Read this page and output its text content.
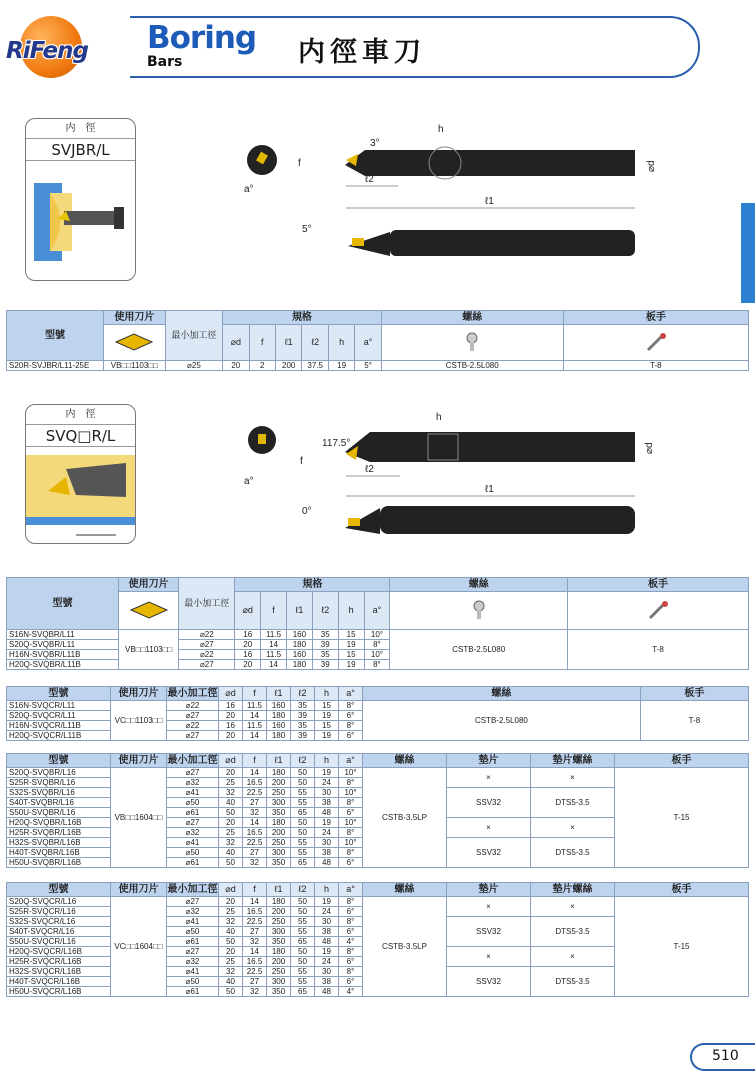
RiFeng Boring
Bars	内徑車刀
内　徑
SVJBR/L	3°
h
f
a°
ℓ2
ℓ1
⌀d
5°
型號	使用刀片	最小加工徑	規格						螺絲	板手
	⌀d	f	ℓ1	ℓ2	h	a°		
S20R-SVJBR/L11-25E	VB□□1103□□	⌀25	20	2	200	37.5	19	5°	CSTB-2.5L080	T-8
内　徑
SVQ□R/L	117.5°
h
f
a°
ℓ2
ℓ1
⌀d
0°
型號	使用刀片	最小加工徑	規格						螺絲	板手
	⌀d	f	ℓ1	ℓ2	h	a°		
S16N-SVQBR/L11	VB□□1103□□	⌀22	16	11.5	160	35	15	10°	CSTB-2.5L080	T-8
S20Q-SVQBR/L11		⌀27	20	14	180	39	19	8°		
H16N-SVQBR/L11B		⌀22	16	11.5	160	35	15	10°		
H20Q-SVQBR/L11B		⌀27	20	14	180	39	19	8°		
型號	使用刀片	最小加工徑	⌀d	f	ℓ1	ℓ2	h	a°	螺絲	板手
S16N-SVQCR/L11	VC□□1103□□	⌀22	16	11.5	160	35	15	8°	CSTB-2.5L080	T-8
S20Q-SVQCR/L11		⌀27	20	14	180	39	19	6°		
H16N-SVQCR/L11B		⌀22	16	11.5	160	35	15	8°		
H20Q-SVQCR/L11B		⌀27	20	14	180	39	19	6°		
型號	使用刀片	最小加工徑	⌀d	f	ℓ1	ℓ2	h	a°	螺絲	墊片	墊片螺絲	板手
S20Q-SVQBR/L16	VB□□1604□□	⌀27	20	14	180	50	19	10°	CSTB-3.5LP	×	×	T-15
S25R-SVQBR/L16		⌀32	25	16.5	200	50	24	8°				
S32S-SVQBR/L16		⌀41	32	22.5	250	55	30	10°		SSV32	DTS5-3.5	
S40T-SVQBR/L16		⌀50	40	27	300	55	38	8°				
S50U-SVQBR/L16		⌀61	50	32	350	65	48	6°				
H20Q-SVQBR/L16B		⌀27	20	14	180	50	19	10°		×	×	
H25R-SVQBR/L16B		⌀32	25	16.5	200	50	24	8°				
H32S-SVQBR/L16B		⌀41	32	22.5	250	55	30	10°		SSV32	DTS5-3.5	
H40T-SVQBR/L16B		⌀50	40	27	300	55	38	8°				
H50U-SVQBR/L16B		⌀61	50	32	350	65	48	6°				
型號	使用刀片	最小加工徑	⌀d	f	ℓ1	ℓ2	h	a°	螺絲	墊片	墊片螺絲	板手
S20Q-SVQCR/L16	VC□□1604□□	⌀27	20	14	180	50	19	8°	CSTB-3.5LP	×	×	T-15
S25R-SVQCR/L16		⌀32	25	16.5	200	50	24	6°				
S32S-SVQCR/L16		⌀41	32	22.5	250	55	30	8°		SSV32	DTS5-3.5	
S40T-SVQCR/L16		⌀50	40	27	300	55	38	6°				
S50U-SVQCR/L16		⌀61	50	32	350	65	48	4°				
H20Q-SVQCR/L16B		⌀27	20	14	180	50	19	8°		×	×	
H25R-SVQCR/L16B		⌀32	25	16.5	200	50	24	6°				
H32S-SVQCR/L16B		⌀41	32	22.5	250	55	30	8°		SSV32	DTS5-3.5	
H40T-SVQCR/L16B		⌀50	40	27	300	55	38	6°				
H50U-SVQCR/L16B		⌀61	50	32	350	65	48	4°				
510
